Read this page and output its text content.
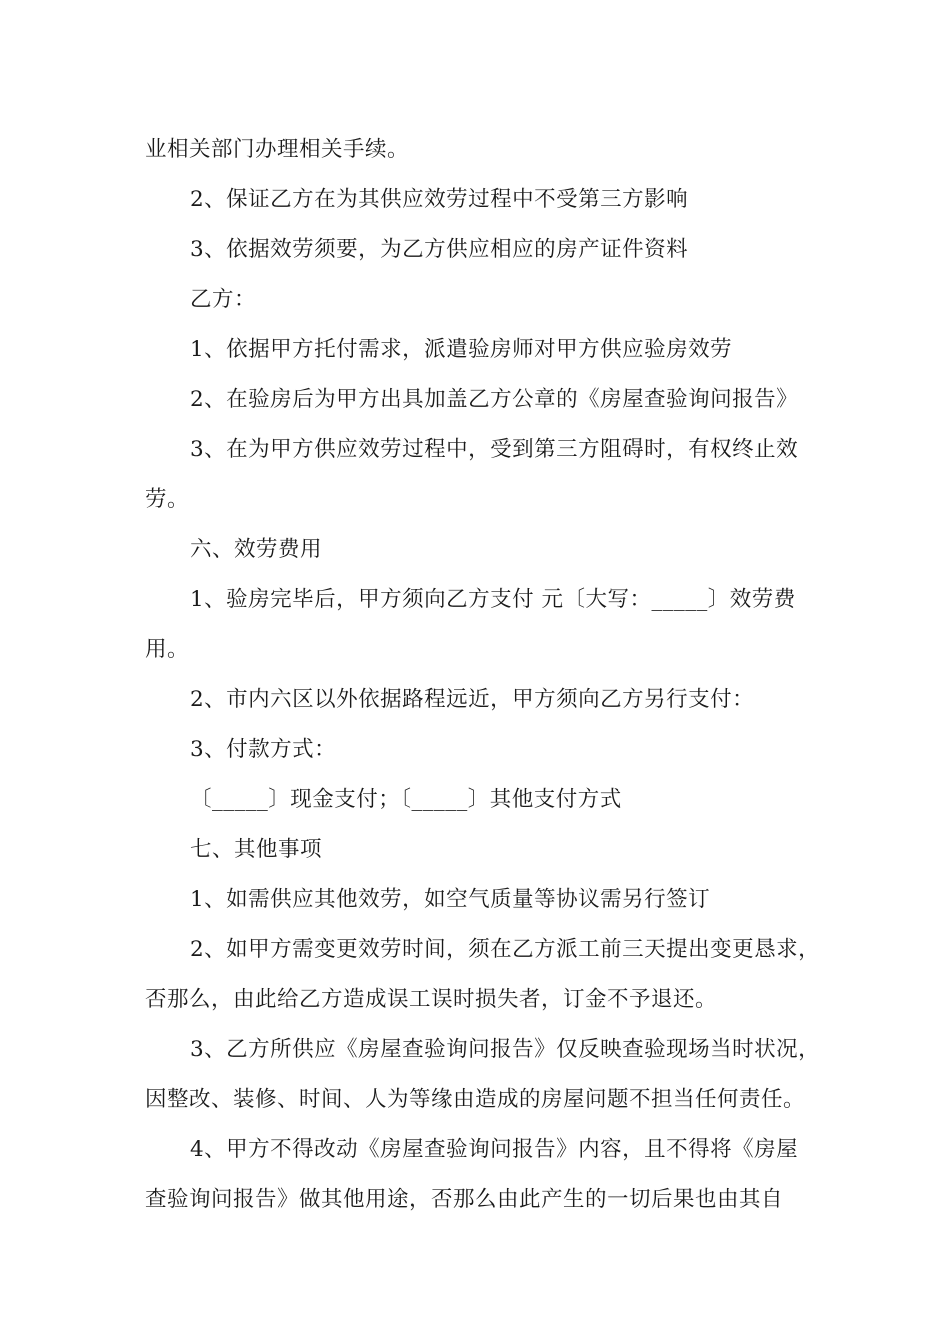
业相关部门办理相关手续。
2、保证乙方在为其供应效劳过程中不受第三方影响
3、依据效劳须要，为乙方供应相应的房产证件资料
乙方：
1、依据甲方托付需求，派遣验房师对甲方供应验房效劳
2、在验房后为甲方出具加盖乙方公章的《房屋查验询问报告》
3、在为甲方供应效劳过程中，受到第三方阻碍时，有权终止效
劳。
六、效劳费用
1、验房完毕后，甲方须向乙方支付 元〔大写：_____〕效劳费
用。
2、市内六区以外依据路程远近，甲方须向乙方另行支付：
3、付款方式：
〔_____〕现金支付；〔_____〕其他支付方式
七、其他事项
1、如需供应其他效劳，如空气质量等协议需另行签订
2、如甲方需变更效劳时间，须在乙方派工前三天提出变更恳求，
否那么，由此给乙方造成误工误时损失者，订金不予退还。
3、乙方所供应《房屋查验询问报告》仅反映查验现场当时状况，
因整改、装修、时间、人为等缘由造成的房屋问题不担当任何责任。
4、甲方不得改动《房屋查验询问报告》内容，且不得将《房屋
查验询问报告》做其他用途，否那么由此产生的一切后果也由其自
